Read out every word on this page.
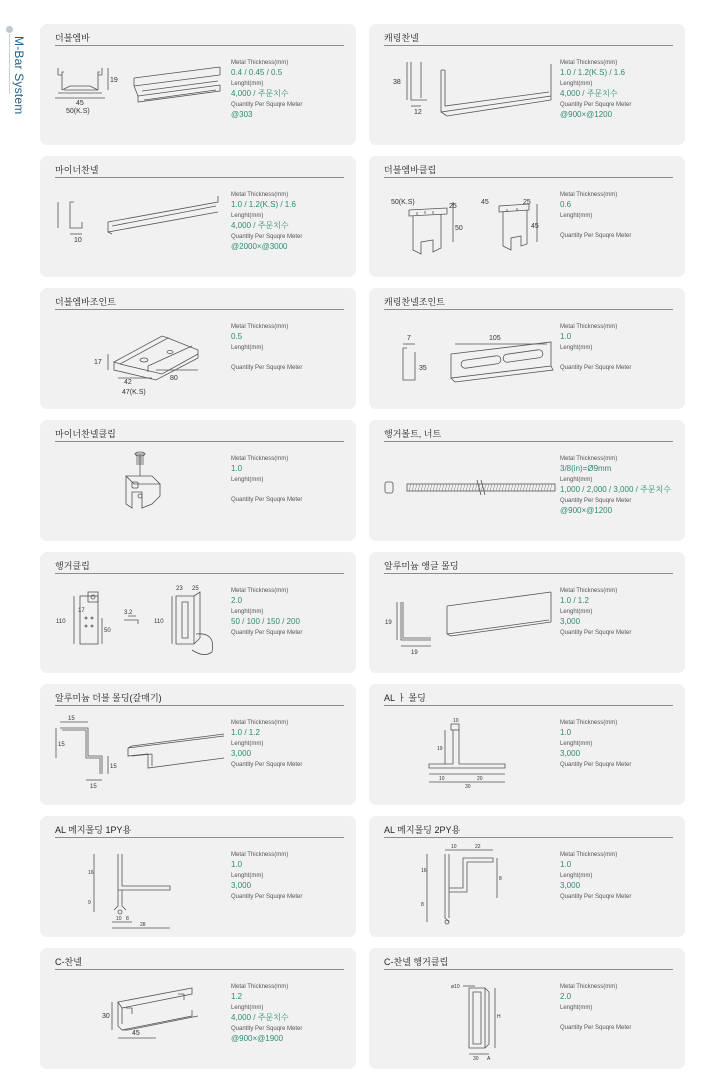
M-Bar System	더블엠바
19
45
50(K.S)
Metal Thickness(mm)
0.4 / 0.45 / 0.5
Lenght(mm)
4,000 / 주문치수
Quantity Per Squqre Meter
@303
캐링찬넬
38
12
Metal Thickness(mm)
1.0 / 1.2(K.S) / 1.6
Lenght(mm)
4,000 / 주문치수
Quantity Per Squqre Meter
@900×@1200
마이너찬넬
10
Metal Thickness(mm)
1.0 / 1.2(K.S) / 1.6
Lenght(mm)
4,000 / 주문치수
Quantity Per Squqre Meter
@2000×@3000
더블엠바클립
50(K.S)
25
50
45	25
45
Metal Thickness(mm)
0.6
Lenght(mm)
Quantity Per Squqre Meter
더블엠바조인트
17
42
80
47(K.S)
Metal Thickness(mm)
0.5
Lenght(mm)
Quantity Per Squqre Meter
캐링찬넬조인트
7
35
105
Metal Thickness(mm)
1.0
Lenght(mm)
Quantity Per Squqre Meter
마이너찬넬클립
Metal Thickness(mm)
1.0
Lenght(mm)
Quantity Per Squqre Meter
행거볼트, 너트
Metal Thickness(mm)
3/8(in)=Ø9mm
Lenght(mm)
1,000 / 2,000 / 3,000 / 주문치수
Quantity Per Squqre Meter
@900×@1200
행거클립
110
17
50
3.2
110
23 25	Metal Thickness(mm)
2.0
Lenght(mm)
50 / 100 / 150 / 200
Quantity Per Squqre Meter
알루미늄 앵글 몰딩
19
19
Metal Thickness(mm)
1.0 / 1.2
Lenght(mm)
3,000
Quantity Per Squqre Meter
알루미늄 더블 몰딩(갈매기)
15
15
15
15
Metal Thickness(mm)
1.0 / 1.2
Lenght(mm)
3,000
Quantity Per Squqre Meter
AL ㅏ 몰딩
10
19
10	20
30
Metal Thickness(mm)
1.0
Lenght(mm)
3,000
Quantity Per Squqre Meter
AL 메지몰딩 1PY용
16
9
10 8
28
Metal Thickness(mm)
1.0
Lenght(mm)
3,000
Quantity Per Squqre Meter
AL 메지몰딩 2PY용
10	22
16
8
8
Metal Thickness(mm)
1.0
Lenght(mm)
3,000
Quantity Per Squqre Meter
C-찬넬
30
45
Metal Thickness(mm)
1.2
Lenght(mm)
4,000 / 주문치수
Quantity Per Squqre Meter
@900×@1900
C-찬넬 행거클립
ø10
H
30 A
Metal Thickness(mm)
2.0
Lenght(mm)
Quantity Per Squqre Meter
